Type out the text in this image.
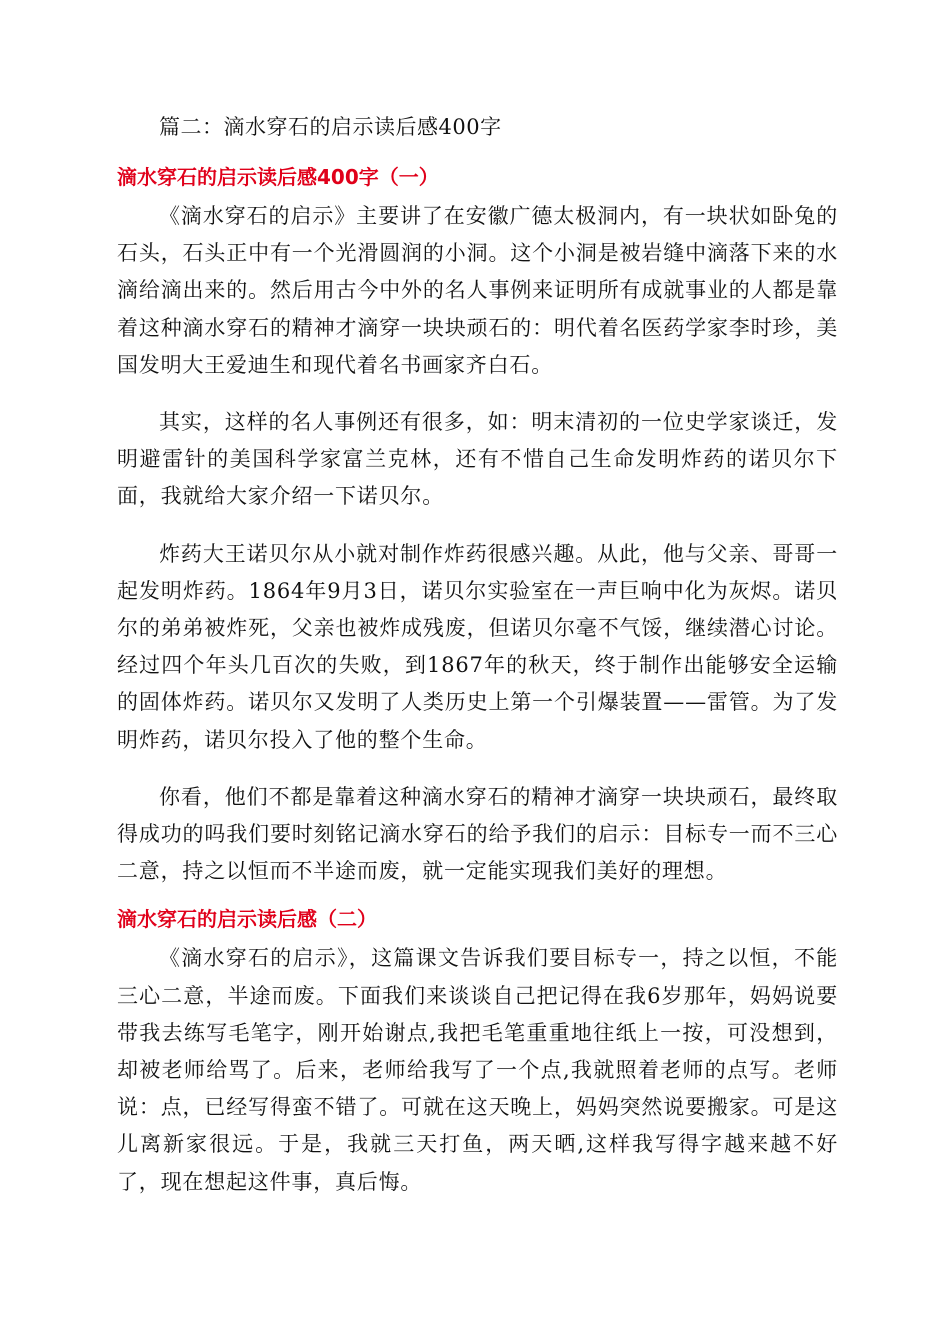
篇二：滴水穿石的启示读后感400字

滴水穿石的启示读后感400字（一）

《滴水穿石的启示》主要讲了在安徽广德太极洞内，有一块状如卧兔的石头，石头正中有一个光滑圆润的小洞。这个小洞是被岩缝中滴落下来的水滴给滴出来的。然后用古今中外的名人事例来证明所有成就事业的人都是靠着这种滴水穿石的精神才滴穿一块块顽石的：明代着名医药学家李时珍，美国发明大王爱迪生和现代着名书画家齐白石。

其实，这样的名人事例还有很多，如：明末清初的一位史学家谈迁，发明避雷针的美国科学家富兰克林，还有不惜自己生命发明炸药的诺贝尔下面，我就给大家介绍一下诺贝尔。

炸药大王诺贝尔从小就对制作炸药很感兴趣。从此，他与父亲、哥哥一起发明炸药。1864年9月3日，诺贝尔实验室在一声巨响中化为灰烬。诺贝尔的弟弟被炸死，父亲也被炸成残废，但诺贝尔毫不气馁，继续潜心讨论。经过四个年头几百次的失败，到1867年的秋天，终于制作出能够安全运输的固体炸药。诺贝尔又发明了人类历史上第一个引爆装置——雷管。为了发明炸药，诺贝尔投入了他的整个生命。

你看，他们不都是靠着这种滴水穿石的精神才滴穿一块块顽石，最终取得成功的吗我们要时刻铭记滴水穿石的给予我们的启示：目标专一而不三心二意，持之以恒而不半途而废，就一定能实现我们美好的理想。

滴水穿石的启示读后感（二）

《滴水穿石的启示》，这篇课文告诉我们要目标专一，持之以恒，不能三心二意，半途而废。下面我们来谈谈自己把记得在我6岁那年，妈妈说要带我去练写毛笔字，刚开始谢点,我把毛笔重重地往纸上一按，可没想到，却被老师给骂了。后来，老师给我写了一个点,我就照着老师的点写。老师说：点，已经写得蛮不错了。可就在这天晚上，妈妈突然说要搬家。可是这儿离新家很远。于是，我就三天打鱼，两天晒,这样我写得字越来越不好了，现在想起这件事，真后悔。
